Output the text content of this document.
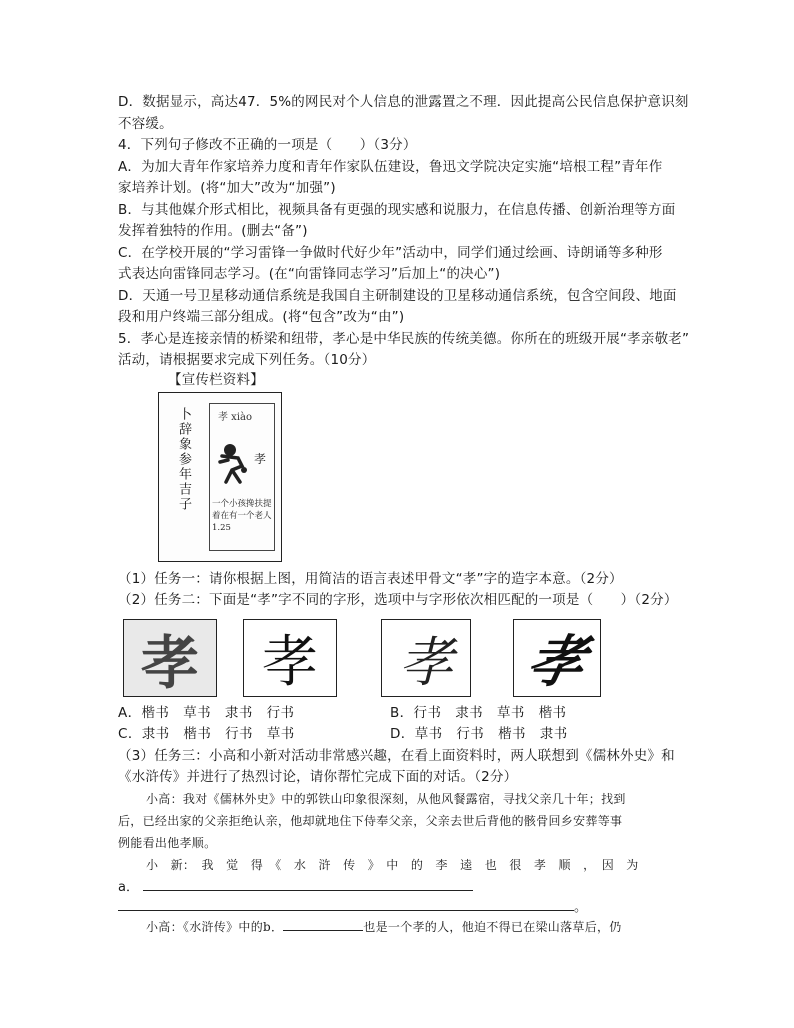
D．数据显示，高达47．5%的网民对个人信息的泄露置之不理．因此提高公民信息保护意识刻
不容缓。
4．下列句子修改不正确的一项是（　　）（3分）
A．为加大青年作家培养力度和青年作家队伍建设，鲁迅文学院决定实施“培根工程”青年作
家培养计划。(将“加大”改为“加强”)
B．与其他媒介形式相比，视频具备有更强的现实感和说服力，在信息传播、创新治理等方面
发挥着独特的作用。(删去“备”)
C．在学校开展的“学习雷锋一争做时代好少年”活动中，同学们通过绘画、诗朗诵等多种形
式表达向雷锋同志学习。(在“向雷锋同志学习”后加上“的决心”)
D．天通一号卫星移动通信系统是我国自主研制建设的卫星移动通信系统，包含空间段、地面
段和用户终端三部分组成。(将“包含”改为“由”)
5．孝心是连接亲情的桥梁和纽带，孝心是中华民族的传统美德。你所在的班级开展“孝亲敬老”
活动，请根据要求完成下列任务。（10分）
【宣传栏资料】
卜辞象参年吉子	孝 xiào
孝
一个小孩搀扶提
着在有一个老人
1.25
（1）任务一：请你根据上图，用简洁的语言表述甲骨文“孝”字的造字本意。（2分）
（2）任务二：下面是“孝”字不同的字形，选项中与字形依次相匹配的一项是（　　）（2分）
孝 孝 孝 孝
A．楷书　草书　隶书　行书	B．行书　隶书　草书　楷书
C．隶书　楷书　行书　草书	D．草书　行书　楷书　隶书
（3）任务三：小高和小新对活动非常感兴趣，在看上面资料时，两人联想到《儒林外史》和
《水浒传》并进行了热烈讨论，请你帮忙完成下面的对话。（2分）
小高：我对《儒林外史》中的郭铁山印象很深刻，从他风餐露宿，寻找父亲几十年；找到
后，已经出家的父亲拒绝认亲，他却就地住下侍奉父亲，父亲去世后背他的骸骨回乡安葬等事
例能看出他孝顺。
小　新：　我　觉　得　《　水　浒　传　》　中　的　李　逵　也　很　孝　顺　，　因　为
a．
。
小高：《水浒传》中的b．	也是一个孝的人，他迫不得已在梁山落草后，仍
